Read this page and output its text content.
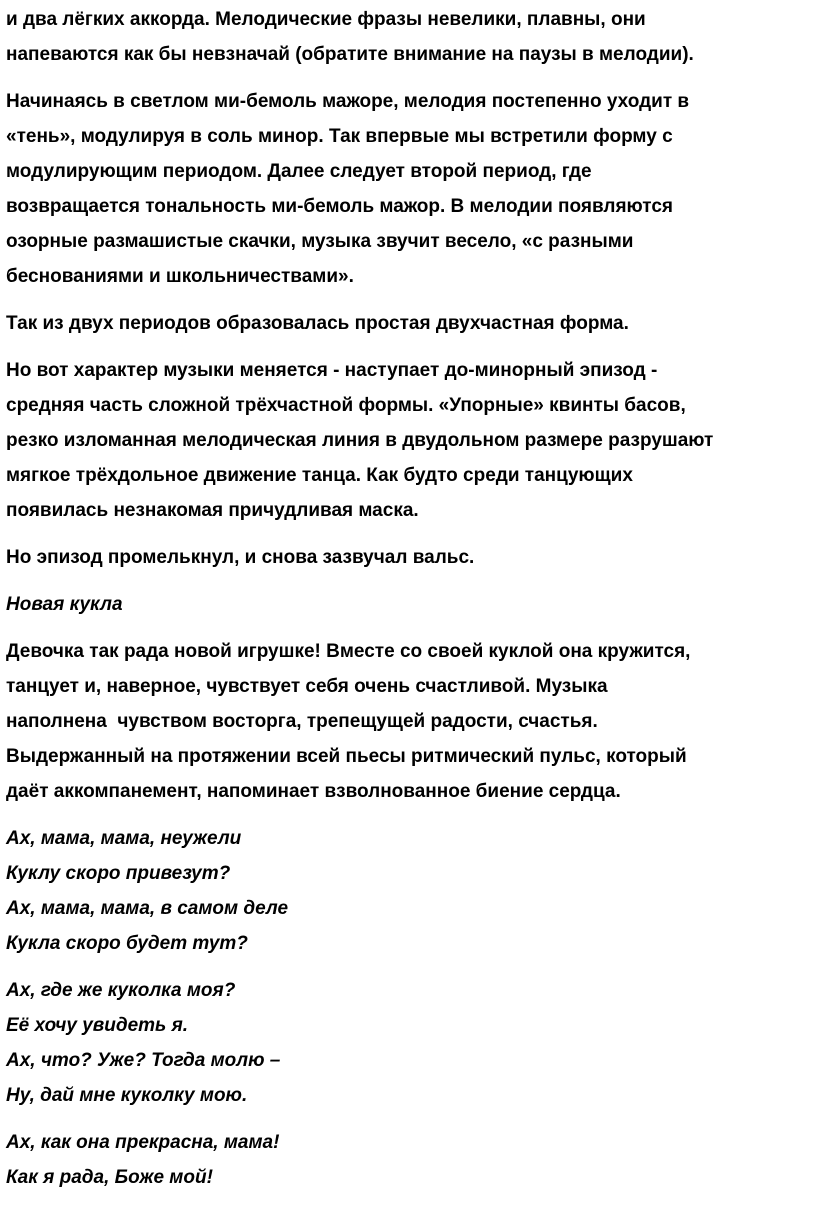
и два лёгких аккорда. Мелодические фразы невелики, плавны, они
напеваются как бы невзначай (обратите внимание на паузы в мелодии).

Начинаясь в светлом ми-бемоль мажоре, мелодия постепенно уходит в
«тень», модулируя в соль минор. Так впервые мы встретили форму с
модулирующим периодом. Далее следует второй период, где
возвращается тональность ми-бемоль мажор. В мелодии появляются
озорные размашистые скачки, музыка звучит весело, «с разными
беснованиями и школьничествами».

Так из двух периодов образовалась простая двухчастная форма.

Но вот характер музыки меняется - наступает до-минорный эпизод -
средняя часть сложной трёхчастной формы. «Упорные» квинты басов,
резко изломанная мелодическая линия в двудольном размере разрушают
мягкое трёхдольное движение танца. Как будто среди танцующих
появилась незнакомая причудливая маска.

Но эпизод промелькнул, и снова зазвучал вальс.

Новая кукла

Девочка так рада новой игрушке! Вместе со своей куклой она кружится,
танцует и, наверное, чувствует себя очень счастливой. Музыка
наполнена  чувством восторга, трепещущей радости, счастья.
Выдержанный на протяжении всей пьесы ритмический пульс, который
даёт аккомпанемент, напоминает взволнованное биение сердца.

Ах, мама, мама, неужели
Куклу скоро привезут?
Ах, мама, мама, в самом деле
Кукла скоро будет тут?

Ах, где же куколка моя?
Её хочу увидеть я.
Ах, что? Уже? Тогда молю –
Ну, дай мне куколку мою.

Ах, как она прекрасна, мама!
Как я рада, Боже мой!
